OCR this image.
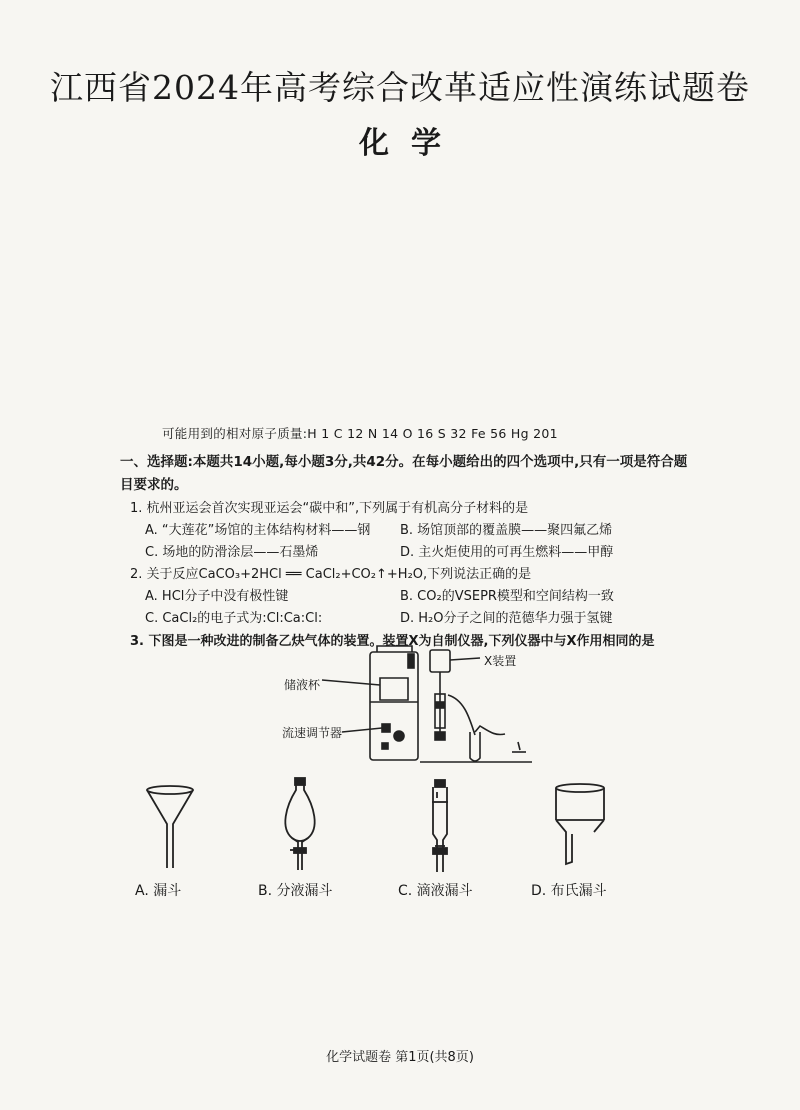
江西省2024年高考综合改革适应性演练试题卷
化学
可能用到的相对原子质量:H 1 C 12 N 14 O 16 S 32 Fe 56 Hg 201
一、选择题:本题共14小题,每小题3分,共42分。在每小题给出的四个选项中,只有一项是符合题目要求的。
1. 杭州亚运会首次实现亚运会“碳中和”,下列属于有机高分子材料的是
A. “大莲花”场馆的主体结构材料——钢 B. 场馆顶部的覆盖膜——聚四氟乙烯
C. 场地的防滑涂层——石墨烯	D. 主火炬使用的可再生燃料——甲醇
2. 关于反应CaCO₃+2HCl ══ CaCl₂+CO₂↑+H₂O,下列说法正确的是
A. HCl分子中没有极性键	B. CO₂的VSEPR模型和空间结构一致
C. CaCl₂的电子式为:Cl:Ca:Cl:	D. H₂O分子之间的范德华力强于氢键
3. 下图是一种改进的制备乙炔气体的装置。装置X为自制仪器,下列仪器中与X作用相同的是
储液杯
流速调节器
X装置
A. 漏斗	B. 分液漏斗	C. 滴液漏斗	D. 布氏漏斗
化学试题卷 第1页(共8页)
